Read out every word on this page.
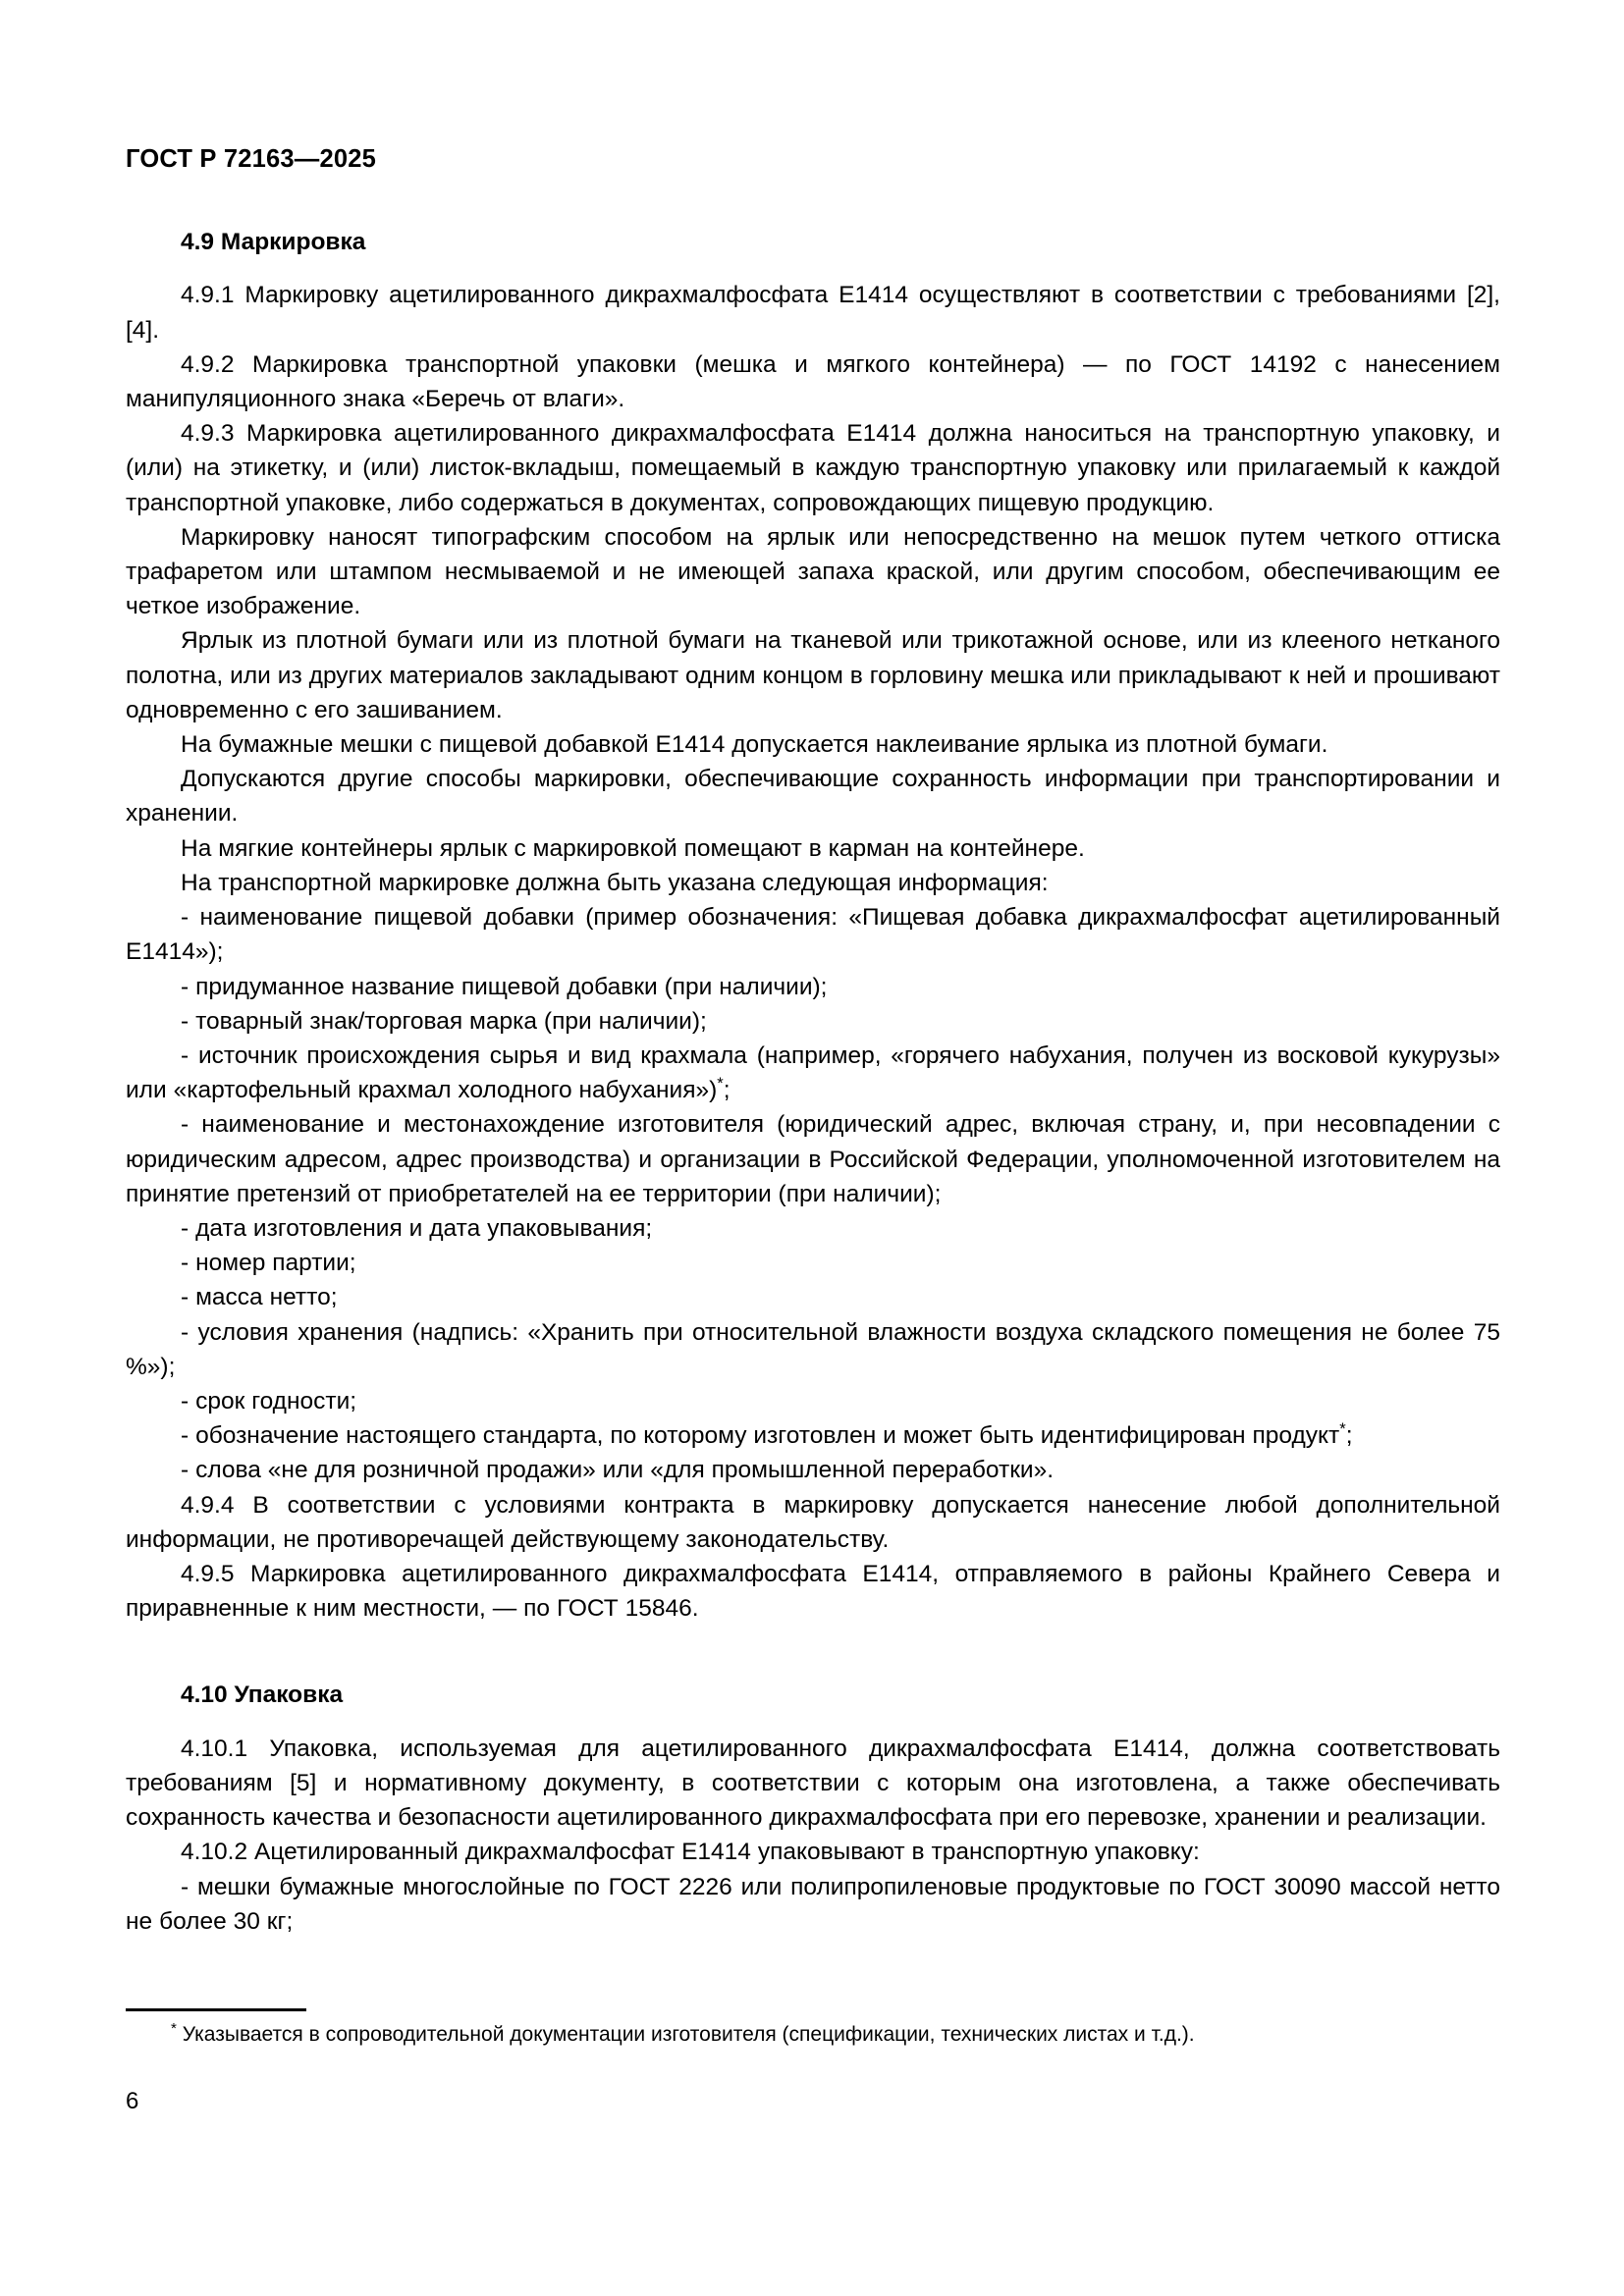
ГОСТ Р 72163—2025
4.9 Маркировка

4.9.1 Маркировку ацетилированного дикрахмалфосфата Е1414 осуществляют в соответствии с требованиями [2], [4].

4.9.2 Маркировка транспортной упаковки (мешка и мягкого контейнера) — по ГОСТ 14192 с нанесением манипуляционного знака «Беречь от влаги».

4.9.3 Маркировка ацетилированного дикрахмалфосфата Е1414 должна наноситься на транспортную упаковку, и (или) на этикетку, и (или) листок-вкладыш, помещаемый в каждую транспортную упаковку или прилагаемый к каждой транспортной упаковке, либо содержаться в документах, сопровождающих пищевую продукцию.

Маркировку наносят типографским способом на ярлык или непосредственно на мешок путем четкого оттиска трафаретом или штампом несмываемой и не имеющей запаха краской, или другим способом, обеспечивающим ее четкое изображение.

Ярлык из плотной бумаги или из плотной бумаги на тканевой или трикотажной основе, или из клееного нетканого полотна, или из других материалов закладывают одним концом в горловину мешка или прикладывают к ней и прошивают одновременно с его зашиванием.

На бумажные мешки с пищевой добавкой Е1414 допускается наклеивание ярлыка из плотной бумаги.

Допускаются другие способы маркировки, обеспечивающие сохранность информации при транспортировании и хранении.

На мягкие контейнеры ярлык с маркировкой помещают в карман на контейнере.

На транспортной маркировке должна быть указана следующая информация:

- наименование пищевой добавки (пример обозначения: «Пищевая добавка дикрахмалфосфат ацетилированный Е1414»);

- придуманное название пищевой добавки (при наличии);

- товарный знак/торговая марка (при наличии);

- источник происхождения сырья и вид крахмала (например, «горячего набухания, получен из восковой кукурузы» или «картофельный крахмал холодного набухания»)*;

- наименование и местонахождение изготовителя (юридический адрес, включая страну, и, при несовпадении с юридическим адресом, адрес производства) и организации в Российской Федерации, уполномоченной изготовителем на принятие претензий от приобретателей на ее территории (при наличии);

- дата изготовления и дата упаковывания;

- номер партии;

- масса нетто;

- условия хранения (надпись: «Хранить при относительной влажности воздуха складского помещения не более 75 %»);

- срок годности;

- обозначение настоящего стандарта, по которому изготовлен и может быть идентифицирован продукт*;

- слова «не для розничной продажи» или «для промышленной переработки».

4.9.4 В соответствии с условиями контракта в маркировку допускается нанесение любой дополнительной информации, не противоречащей действующему законодательству.

4.9.5 Маркировка ацетилированного дикрахмалфосфата Е1414, отправляемого в районы Крайнего Севера и приравненные к ним местности, — по ГОСТ 15846.

4.10 Упаковка

4.10.1 Упаковка, используемая для ацетилированного дикрахмалфосфата Е1414, должна соответствовать требованиям [5] и нормативному документу, в соответствии с которым она изготовлена, а также обеспечивать сохранность качества и безопасности ацетилированного дикрахмалфосфата при его перевозке, хранении и реализации.

4.10.2 Ацетилированный дикрахмалфосфат Е1414 упаковывают в транспортную упаковку:

- мешки бумажные многослойные по ГОСТ 2226 или полипропиленовые продуктовые по ГОСТ 30090 массой нетто не более 30 кг;

* Указывается в сопроводительной документации изготовителя (спецификации, технических листах и т.д.).

6
